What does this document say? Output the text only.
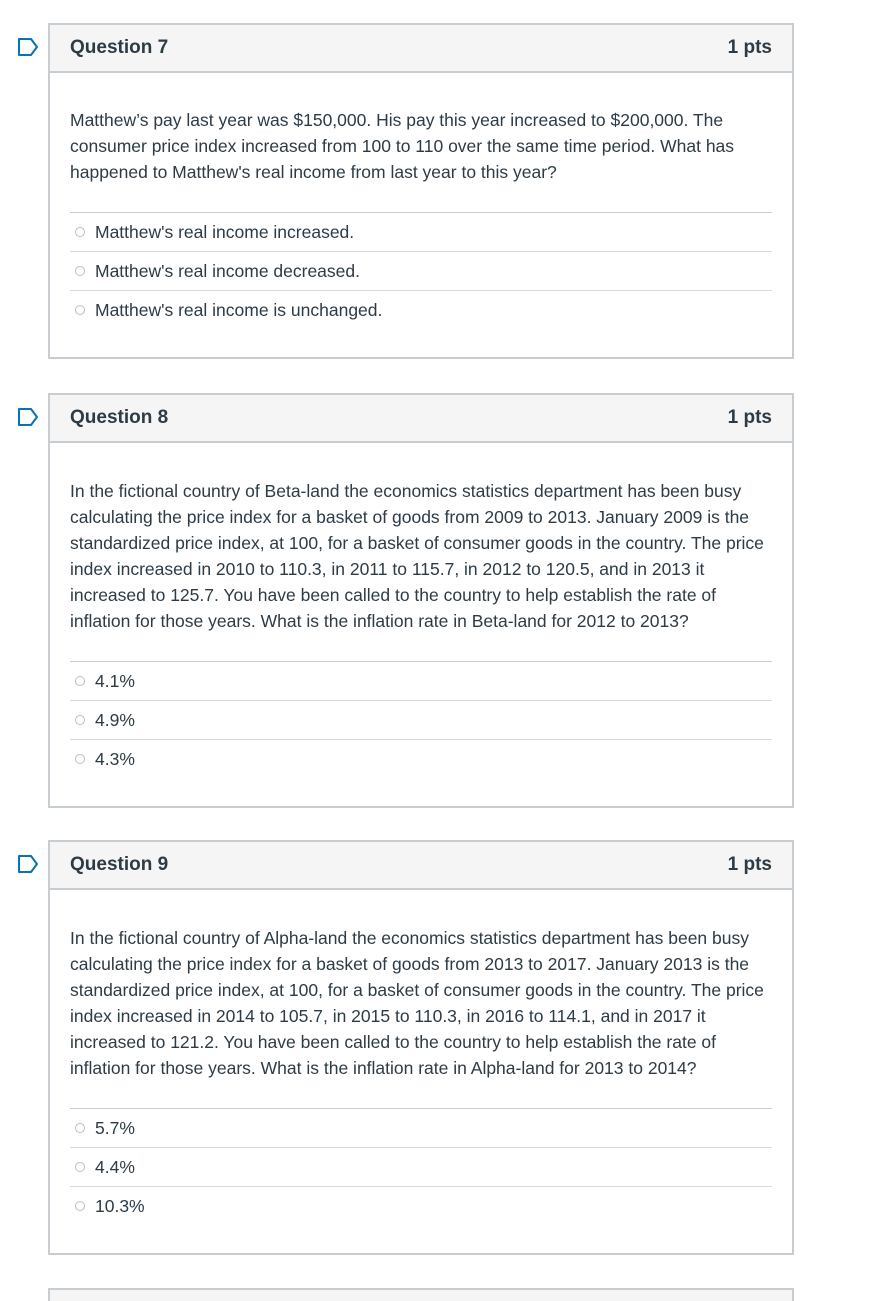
Question 7	1 pts

Matthew’s pay last year was $150,000. His pay this year increased to $200,000. The consumer price index increased from 100 to 110 over the same time period. What has happened to Matthew's real income from last year to this year?

Matthew's real income increased.
Matthew's real income decreased.
Matthew's real income is unchanged.
Question 8	1 pts

In the fictional country of Beta-land the economics statistics department has been busy calculating the price index for a basket of goods from 2009 to 2013. January 2009 is the standardized price index, at 100, for a basket of consumer goods in the country. The price index increased in 2010 to 110.3, in 2011 to 115.7, in 2012 to 120.5, and in 2013 it increased to 125.7. You have been called to the country to help establish the rate of inflation for those years. What is the inflation rate in Beta-land for 2012 to 2013?

4.1%
4.9%
4.3%
Question 9	1 pts

In the fictional country of Alpha-land the economics statistics department has been busy calculating the price index for a basket of goods from 2013 to 2017. January 2013 is the standardized price index, at 100, for a basket of consumer goods in the country. The price index increased in 2014 to 105.7, in 2015 to 110.3, in 2016 to 114.1, and in 2017 it increased to 121.2. You have been called to the country to help establish the rate of inflation for those years. What is the inflation rate in Alpha-land for 2013 to 2014?

5.7%
4.4%
10.3%
